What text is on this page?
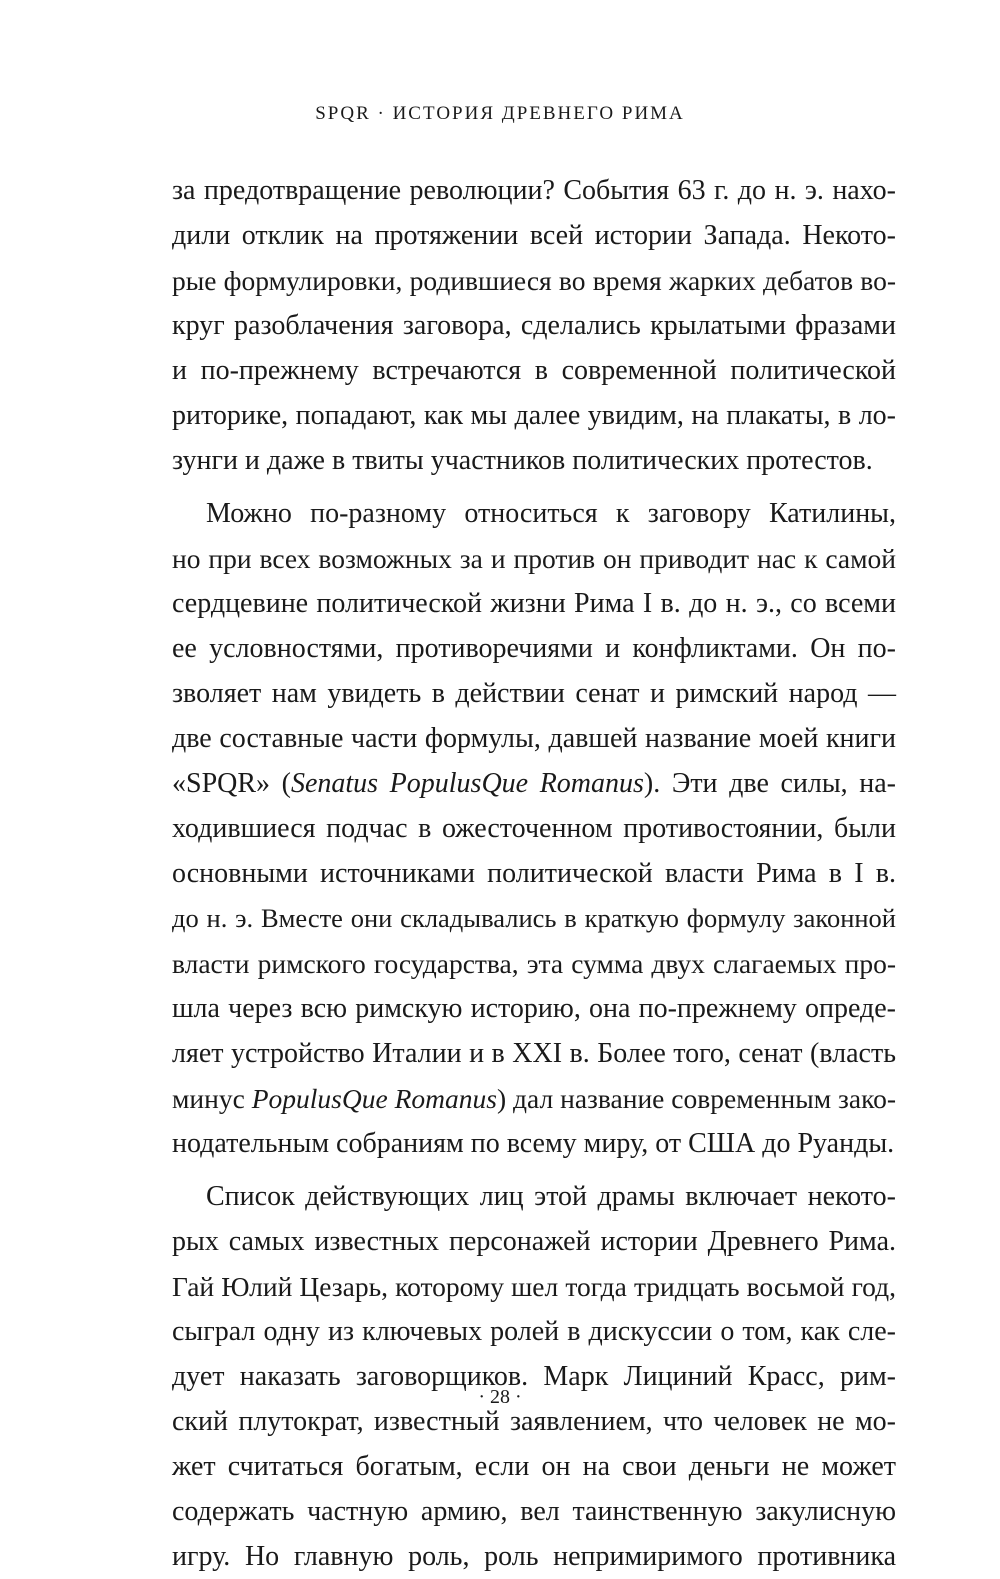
SPQR · ИСТОРИЯ ДРЕВНЕГО РИМА
за предотвращение революции? События 63 г. до н. э. нахо-
дили отклик на протяжении всей истории Запада. Некото-
рые формулировки, родившиеся во время жарких дебатов во-
круг разоблачения заговора, сделались крылатыми фразами
и по-прежнему встречаются в современной политической
риторике, попадают, как мы далее увидим, на плакаты, в ло-
зунги и даже в твиты участников политических протестов.
Можно по-разному относиться к заговору Катилины,
но при всех возможных за и против он приводит нас к самой
сердцевине политической жизни Рима I в. до н. э., со всеми
ее условностями, противоречиями и конфликтами. Он по-
зволяет нам увидеть в действии сенат и римский народ —
две составные части формулы, давшей название моей книги
«SPQR» (Senatus PopulusQue Romanus). Эти две силы, на-
ходившиеся подчас в ожесточенном противостоянии, были
основными источниками политической власти Рима в I в.
до н. э. Вместе они складывались в краткую формулу законной
власти римского государства, эта сумма двух слагаемых про-
шла через всю римскую историю, она по-прежнему опреде-
ляет устройство Италии и в XXI в. Более того, сенат (власть
минус PopulusQue Romanus) дал название современным зако-
нодательным собраниям по всему миру, от США до Руанды.
Список действующих лиц этой драмы включает некото-
рых самых известных персонажей истории Древнего Рима.
Гай Юлий Цезарь, которому шел тогда тридцать восьмой год,
сыграл одну из ключевых ролей в дискуссии о том, как сле-
дует наказать заговорщиков. Марк Лициний Красс, рим-
ский плутократ, известный заявлением, что человек не мо-
жет считаться богатым, если он на свои деньги не может
содержать частную армию, вел таинственную закулисную
игру. Но главную роль, роль непримиримого противника
· 28 ·
